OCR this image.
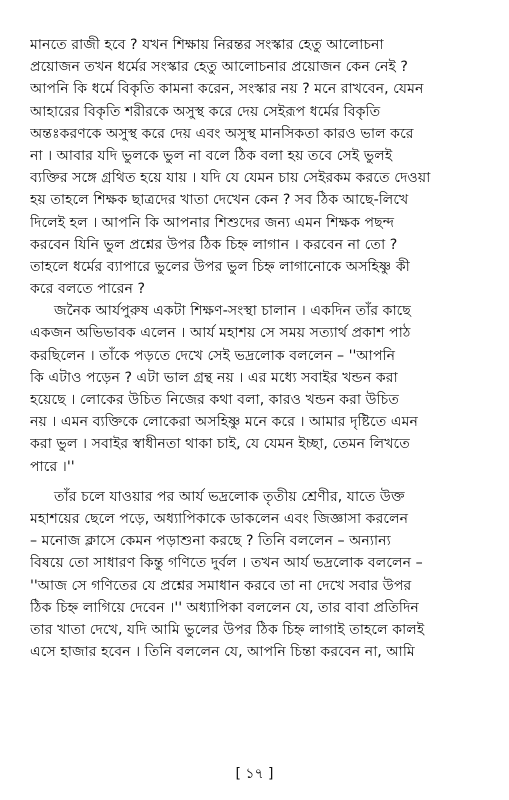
মানতে রাজী হবে ? যখন শিক্ষায় নিরন্তর সংস্কার হেতু আলোচনা
প্রয়োজন তখন ধর্মের সংস্কার হেতু আলোচনার প্রয়োজন কেন নেই ?
আপনি কি ধর্মে বিকৃতি কামনা করেন, সংস্কার নয় ? মনে রাখবেন, যেমন
আহারের বিকৃতি শরীরকে অসুস্থ করে দেয় সেইরূপ ধর্মের বিকৃতি
অন্তঃকরণকে অসুস্থ করে দেয় এবং অসুস্থ মানসিকতা কারও ভাল করে
না । আবার যদি ভুলকে ভুল না বলে ঠিক বলা হয় তবে সেই ভুলই
ব্যক্তির সঙ্গে গ্রথিত হয়ে যায় । যদি যে যেমন চায় সেইরকম করতে দেওয়া
হয় তাহলে শিক্ষক ছাত্রদের খাতা দেখেন কেন ? সব ঠিক আছে-লিখে
দিলেই হল । আপনি কি আপনার শিশুদের জন্য এমন শিক্ষক পছন্দ
করবেন যিনি ভুল প্রশ্নের উপর ঠিক চিহ্ন লাগান । করবেন না তো ?
তাহলে ধর্মের ব্যাপারে ভুলের উপর ভুল চিহ্ন লাগানোকে অসহিষ্ণু কী
করে বলতে পারেন ?
জনৈক আর্যপুরুষ একটা শিক্ষণ-সংস্থা চালান । একদিন তাঁর কাছে
একজন অভিভাবক এলেন । আর্য মহাশয় সে সময় সত্যার্থ প্রকাশ পাঠ
করছিলেন । তাঁকে পড়তে দেখে সেই ভদ্রলোক বললেন – ''আপনি
কি এটাও পড়েন ? এটা ভাল গ্রন্থ নয় । এর মধ্যে সবাইর খন্ডন করা
হয়েছে । লোকের উচিত নিজের কথা বলা, কারও খন্ডন করা উচিত
নয় । এমন ব্যক্তিকে লোকেরা অসহিষ্ণু মনে করে । আমার দৃষ্টিতে এমন
করা ভুল । সবাইর স্বাধীনতা থাকা চাই, যে যেমন ইচ্ছা, তেমন লিখতে
পারে ।''
তাঁর চলে যাওয়ার পর আর্য ভদ্রলোক তৃতীয় শ্রেণীর, যাতে উক্ত
মহাশয়ের ছেলে পড়ে, অধ্যাপিকাকে ডাকলেন এবং জিজ্ঞাসা করলেন
– মনোজ ক্লাসে কেমন পড়াশুনা করছে ? তিনি বললেন – অন্যান্য
বিষয়ে তো সাধারণ কিন্তু গণিতে দুর্বল । তখন আর্য ভদ্রলোক বললেন –
''আজ সে গণিতের যে প্রশ্নের সমাধান করবে তা না দেখে সবার উপর
ঠিক চিহ্ন লাগিয়ে দেবেন ।'' অধ্যাপিকা বললেন যে, তার বাবা প্রতিদিন
তার খাতা দেখে, যদি আমি ভুলের উপর ঠিক চিহ্ন লাগাই তাহলে কালই
এসে হাজার হবেন । তিনি বললেন যে, আপনি চিন্তা করবেন না, আমি
[ ১৭ ]
